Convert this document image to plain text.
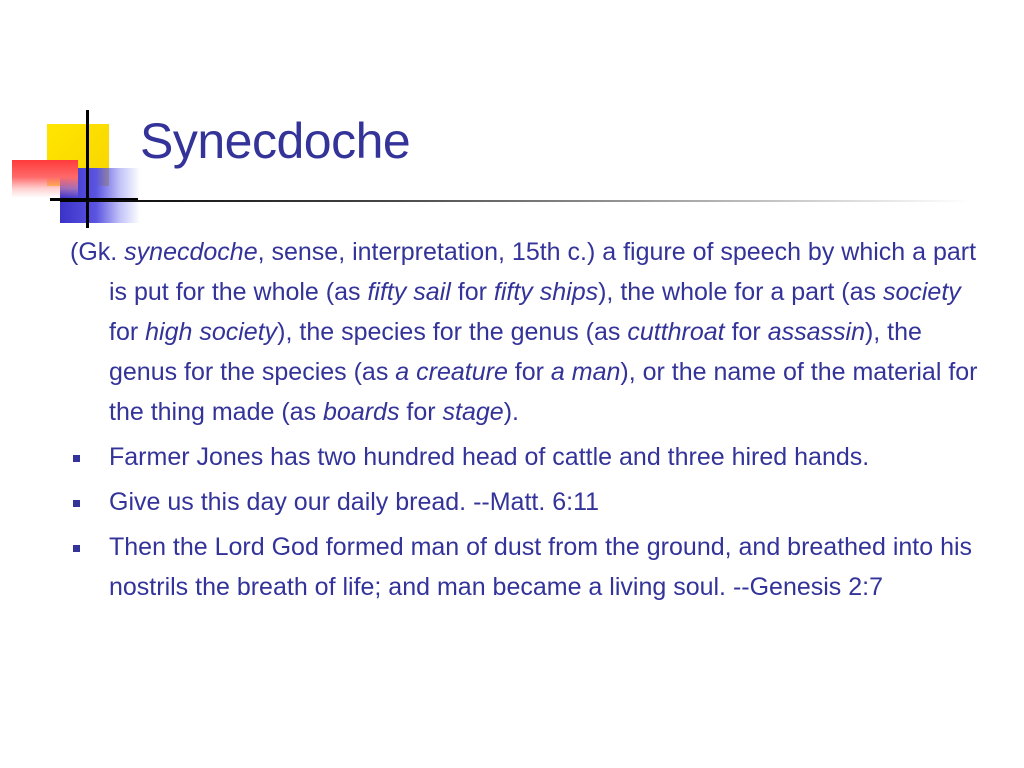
Synecdoche

(Gk. synecdoche, sense, interpretation, 15th c.) a figure of speech by which a part is put for the whole (as fifty sail for fifty ships), the whole for a part (as society for high society), the species for the genus (as cutthroat for assassin), the genus for the species (as a creature for a man), or the name of the material for the thing made (as boards for stage).

Farmer Jones has two hundred head of cattle and three hired hands.
Give us this day our daily bread. --Matt. 6:11
Then the Lord God formed man of dust from the ground, and breathed into his nostrils the breath of life; and man became a living soul. --Genesis 2:7
